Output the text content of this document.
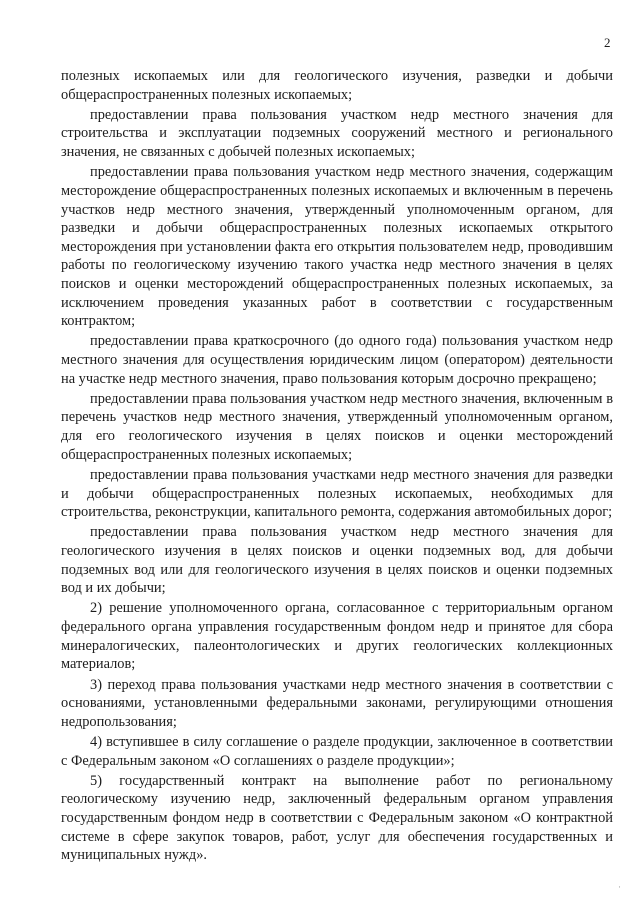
2

полезных ископаемых или для геологического изучения, разведки и добычи общераспространенных полезных ископаемых;

предоставлении права пользования участком недр местного значения для строительства и эксплуатации подземных сооружений местного и регионального значения, не связанных с добычей полезных ископаемых;

предоставлении права пользования участком недр местного значения, содержащим месторождение общераспространенных полезных ископаемых и включенным в перечень участков недр местного значения, утвержденный уполномоченным органом, для разведки и добычи общераспространенных полезных ископаемых открытого месторождения при установлении факта его открытия пользователем недр, проводившим работы по геологическому изучению такого участка недр местного значения в целях поисков и оценки месторождений общераспространенных полезных ископаемых, за исключением проведения указанных работ в соответствии с государственным контрактом;

предоставлении права краткосрочного (до одного года) пользования участком недр местного значения для осуществления юридическим лицом (оператором) деятельности на участке недр местного значения, право пользования которым досрочно прекращено;

предоставлении права пользования участком недр местного значения, включенным в перечень участков недр местного значения, утвержденный уполномоченным органом, для его геологического изучения в целях поисков и оценки месторождений общераспространенных полезных ископаемых;

предоставлении права пользования участками недр местного значения для разведки и добычи общераспространенных полезных ископаемых, необходимых для строительства, реконструкции, капитального ремонта, содержания автомобильных дорог;

предоставлении права пользования участком недр местного значения для геологического изучения в целях поисков и оценки подземных вод, для добычи подземных вод или для геологического изучения в целях поисков и оценки подземных вод и их добычи;

2) решение уполномоченного органа, согласованное с территориальным органом федерального органа управления государственным фондом недр и принятое для сбора минералогических, палеонтологических и других геологических коллекционных материалов;

3) переход права пользования участками недр местного значения в соответствии с основаниями, установленными федеральными законами, регулирующими отношения недропользования;

4) вступившее в силу соглашение о разделе продукции, заключенное в соответствии с Федеральным законом «О соглашениях о разделе продукции»;

5) государственный контракт на выполнение работ по региональному геологическому изучению недр, заключенный федеральным органом управления государственным фондом недр в соответствии с Федеральным законом «О контрактной системе в сфере закупок товаров, работ, услуг для обеспечения государственных и муниципальных нужд».

·
